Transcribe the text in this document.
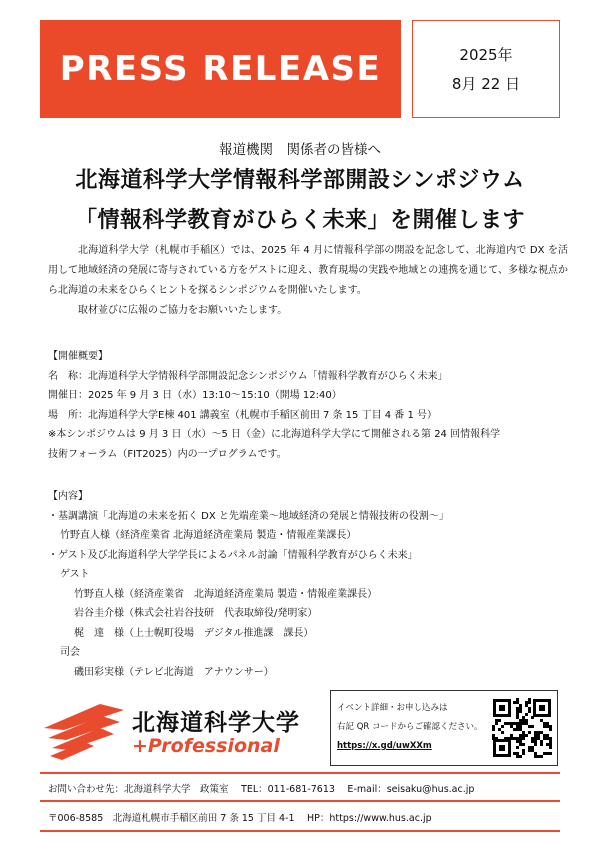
PRESS RELEASE	2025年
8月 22 日
報道機関　関係者の皆様へ
北海道科学大学情報科学部開設シンポジウム
「情報科学教育がひらく未来」を開催します

北海道科学大学（札幌市手稲区）では、2025 年 4 月に情報科学部の開設を記念して、北海道内で DX を活用して地域経済の発展に寄与されている方をゲストに迎え、教育現場の実践や地域との連携を通じて、多様な視点から北海道の未来をひらくヒントを探るシンポジウムを開催いたします。

取材並びに広報のご協力をお願いいたします。

【開催概要】
名　称：北海道科学大学情報科学部開設記念シンポジウム「情報科学教育がひらく未来」
開催日：2025 年 9 月 3 日（水）13:10～15:10（開場 12:40）
場　所：北海道科学大学E棟 401 講義室（札幌市手稲区前田 7 条 15 丁目 4 番 1 号）
※本シンポジウムは 9 月 3 日（水）～5 日（金）に北海道科学大学にて開催される第 24 回情報科学
技術フォーラム（FIT2025）内の一プログラムです。
【内容】
・基調講演「北海道の未来を拓く DX と先端産業～地域経済の発展と情報技術の役割～」
竹野直人様（経済産業省 北海道経済産業局 製造・情報産業課長）
・ゲスト及び北海道科学大学学長によるパネル討論「情報科学教育がひらく未来」
ゲスト
竹野直人様（経済産業省　北海道経済産業局 製造・情報産業課長）
岩谷圭介様（株式会社岩谷技研　代表取締役/発明家）
梶　達　様（上士幌町役場　デジタル推進課　課長）
司会
磯田彩実様（テレビ北海道　アナウンサー）
北海道科学大学
+Professional
イベント詳細・お申し込みは
右記 QR コードからご確認ください。
https://x.gd/uwXXm
お問い合わせ先：北海道科学大学　政策室　 TEL：011-681-7613　 E-mail：seisaku@hus.ac.jp
〒006-8585　北海道札幌市手稲区前田 7 条 15 丁目 4-1　 HP：https://www.hus.ac.jp
